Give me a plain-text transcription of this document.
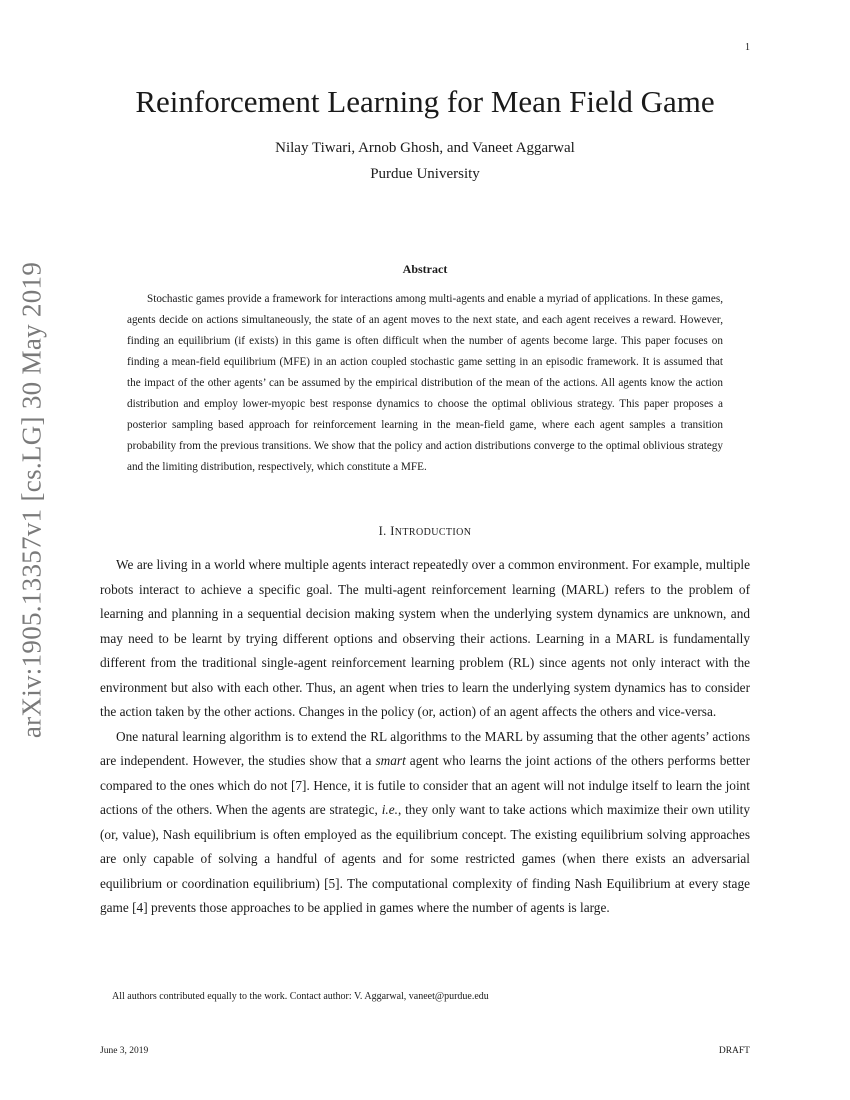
1
arXiv:1905.13357v1 [cs.LG] 30 May 2019
Reinforcement Learning for Mean Field Game
Nilay Tiwari, Arnob Ghosh, and Vaneet Aggarwal
Purdue University
Abstract

Stochastic games provide a framework for interactions among multi-agents and enable a myriad of applications. In these games, agents decide on actions simultaneously, the state of an agent moves to the next state, and each agent receives a reward. However, finding an equilibrium (if exists) in this game is often difficult when the number of agents become large. This paper focuses on finding a mean-field equilibrium (MFE) in an action coupled stochastic game setting in an episodic framework. It is assumed that the impact of the other agents’ can be assumed by the empirical distribution of the mean of the actions. All agents know the action distribution and employ lower-myopic best response dynamics to choose the optimal oblivious strategy. This paper proposes a posterior sampling based approach for reinforcement learning in the mean-field game, where each agent samples a transition probability from the previous transitions. We show that the policy and action distributions converge to the optimal oblivious strategy and the limiting distribution, respectively, which constitute a MFE.

I. INTRODUCTION

We are living in a world where multiple agents interact repeatedly over a common environment. For example, multiple robots interact to achieve a specific goal. The multi-agent reinforcement learning (MARL) refers to the problem of learning and planning in a sequential decision making system when the underlying system dynamics are unknown, and may need to be learnt by trying different options and observing their actions. Learning in a MARL is fundamentally different from the traditional single-agent reinforcement learning problem (RL) since agents not only interact with the environment but also with each other. Thus, an agent when tries to learn the underlying system dynamics has to consider the action taken by the other actions. Changes in the policy (or, action) of an agent affects the others and vice-versa.

One natural learning algorithm is to extend the RL algorithms to the MARL by assuming that the other agents’ actions are independent. However, the studies show that a smart agent who learns the joint actions of the others performs better compared to the ones which do not [7]. Hence, it is futile to consider that an agent will not indulge itself to learn the joint actions of the others. When the agents are strategic, i.e., they only want to take actions which maximize their own utility (or, value), Nash equilibrium is often employed as the equilibrium concept. The existing equilibrium solving approaches are only capable of solving a handful of agents and for some restricted games (when there exists an adversarial equilibrium or coordination equilibrium) [5]. The computational complexity of finding Nash Equilibrium at every stage game [4] prevents those approaches to be applied in games where the number of agents is large.

All authors contributed equally to the work. Contact author: V. Aggarwal, vaneet@purdue.edu
June 3, 2019	DRAFT
